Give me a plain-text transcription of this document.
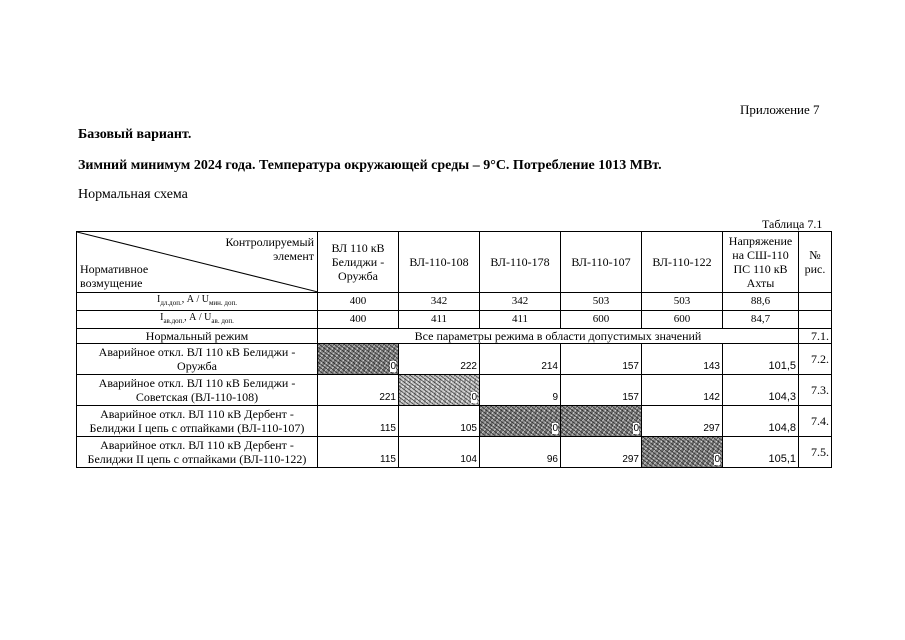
Приложение 7
Базовый вариант.
Зимний минимум 2024 года. Температура окружающей среды – 9°С. Потребление 1013 МВт.
Нормальная схема
Таблица 7.1
Контролируемый элемент
Нормативное возмущение	ВЛ 110 кВ Белиджи - Оружба	ВЛ-110-108	ВЛ-110-178	ВЛ-110-107	ВЛ-110-122	Напряжение на СШ-110 ПС 110 кВ Ахты	№ рис.
$I_{дл.доп.}$, А / $U_{мин. доп.}$	400	342	342	503	503	88,6	
$I_{ав.доп.}$, А / $U_{ав. доп.}$	400	411	411	600	600	84,7	
Нормальный режим	Все параметры режима в области допустимых значений						7.1.
Аварийное откл. ВЛ 110 кВ Белиджи - Оружба	0	222	214	157	143	101,5	7.2.
Аварийное откл. ВЛ 110 кВ Белиджи - Советская (ВЛ-110-108)	221	0	9	157	142	104,3	7.3.
Аварийное откл. ВЛ 110 кВ Дербент - Белиджи I цепь с отпайками (ВЛ-110-107)	115	105	0	0	297	104,8	7.4.
Аварийное откл. ВЛ 110 кВ Дербент - Белиджи II цепь с отпайками (ВЛ-110-122)	115	104	96	297	0	105,1	7.5.
